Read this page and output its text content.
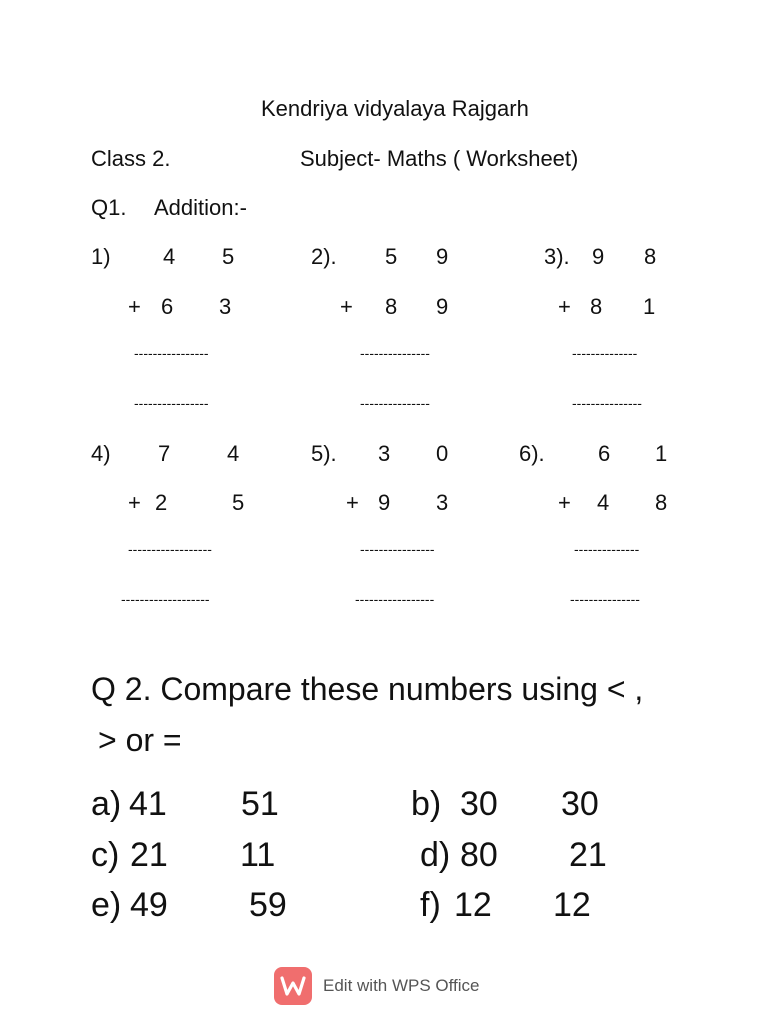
Kendriya vidyalaya Rajgarh
Class 2.	Subject- Maths ( Worksheet)
Q1. Addition:-
1) 4 5
+ 6 3
----------------
----------------
2). 5 9
+ 8 9
---------------
---------------
3). 9 8
+ 8 1
--------------
---------------
4) 7	4
+ 2	5
------------------
-------------------
5). 3 0
+ 9 3
----------------
-----------------
6). 6 1
+ 4 8
--------------
---------------
Q 2. Compare these numbers using < ,
> or =
a) 41 51	b) 30 30
c) 21 11	d) 80 21
e) 49 59	f) 12 12
Edit with WPS Office
